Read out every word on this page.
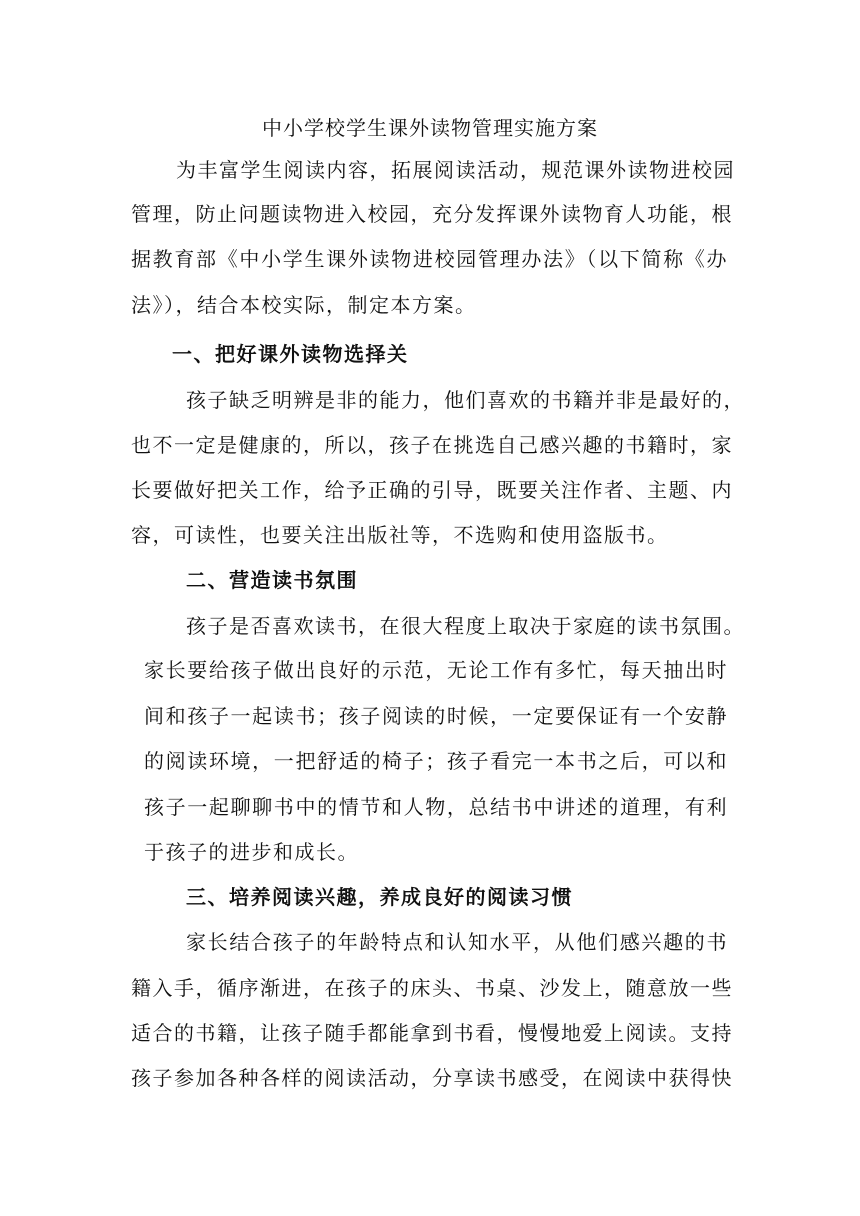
中小学校学生课外读物管理实施方案
为丰富学生阅读内容，拓展阅读活动，规范课外读物进校园
管理，防止问题读物进入校园，充分发挥课外读物育人功能，根
据教育部《中小学生课外读物进校园管理办法》（以下简称《办
法》），结合本校实际，制定本方案。
一、把好课外读物选择关
孩子缺乏明辨是非的能力，他们喜欢的书籍并非是最好的，
也不一定是健康的，所以，孩子在挑选自己感兴趣的书籍时，家
长要做好把关工作，给予正确的引导，既要关注作者、主题、内
容，可读性，也要关注出版社等，不选购和使用盗版书。
二、营造读书氛围
孩子是否喜欢读书，在很大程度上取决于家庭的读书氛围。
家长要给孩子做出良好的示范，无论工作有多忙，每天抽出时
间和孩子一起读书；孩子阅读的时候，一定要保证有一个安静
的阅读环境，一把舒适的椅子；孩子看完一本书之后，可以和
孩子一起聊聊书中的情节和人物，总结书中讲述的道理，有利
于孩子的进步和成长。
三、培养阅读兴趣，养成良好的阅读习惯
家长结合孩子的年龄特点和认知水平，从他们感兴趣的书
籍入手，循序渐进，在孩子的床头、书桌、沙发上，随意放一些
适合的书籍，让孩子随手都能拿到书看，慢慢地爱上阅读。支持
孩子参加各种各样的阅读活动，分享读书感受，在阅读中获得快
